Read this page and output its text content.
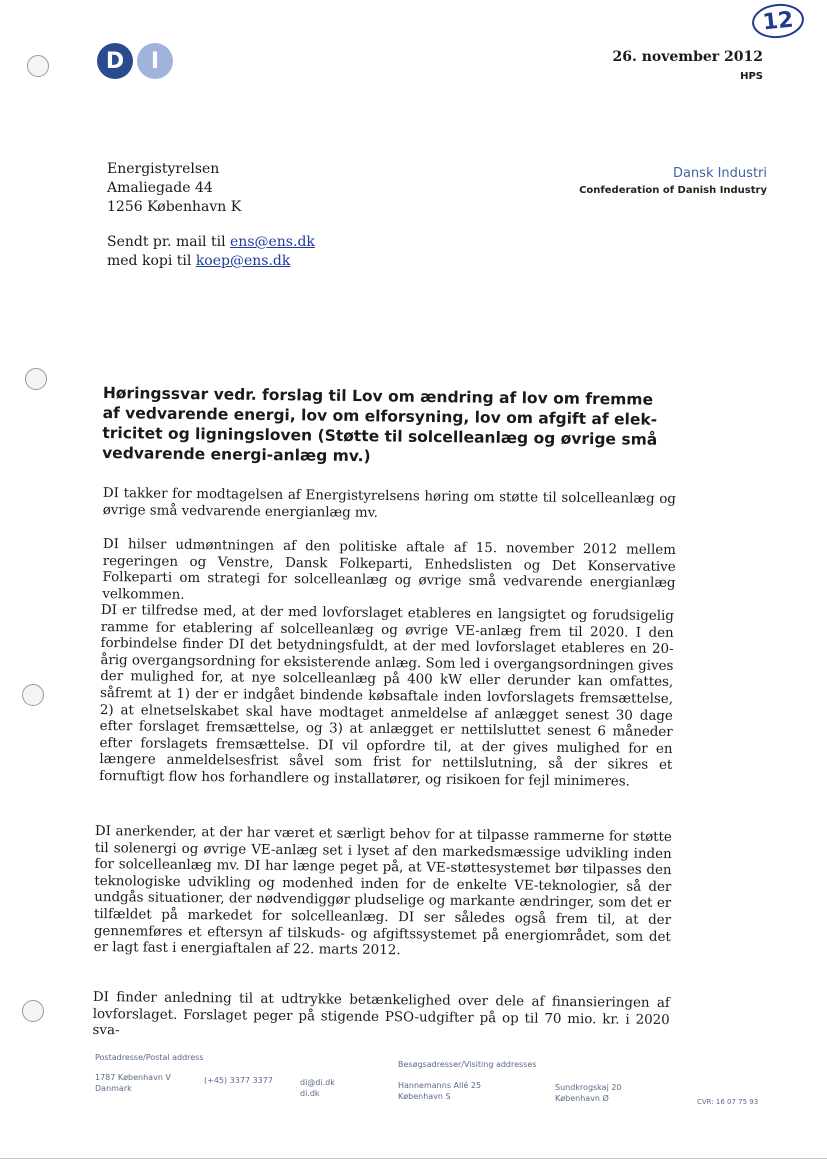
12
D I	26. november 2012
HPS
Energistyrelsen
Amaliegade 44
1256 København K
Dansk Industri
Confederation of Danish Industry
Sendt pr. mail til ens@ens.dk
med kopi til koep@ens.dk
Høringssvar vedr. forslag til Lov om ændring af lov om fremme
af vedvarende energi, lov om elforsyning, lov om afgift af elek-
tricitet og ligningsloven (Støtte til solcelleanlæg og øvrige små
vedvarende energi-anlæg mv.)
DI takker for modtagelsen af Energistyrelsens høring om støtte til solcelleanlæg og øvrige små vedvarende energianlæg mv.
DI hilser udmøntningen af den politiske aftale af 15. november 2012 mellem regeringen og Venstre, Dansk Folkeparti, Enhedslisten og Det Konservative Folkeparti om strategi for solcelleanlæg og øvrige små vedvarende energianlæg velkommen.
DI er tilfredse med, at der med lovforslaget etableres en langsigtet og forudsigelig ramme for etablering af solcelleanlæg og øvrige VE-anlæg frem til 2020. I den forbindelse finder DI det betydningsfuldt, at der med lovforslaget etableres en 20-årig overgangsordning for eksisterende anlæg. Som led i overgangsordningen gives der mulighed for, at nye solcelleanlæg på 400 kW eller derunder kan omfattes, såfremt at 1) der er indgået bindende købsaftale inden lovforslagets fremsættelse, 2) at elnetselskabet skal have modtaget anmeldelse af anlægget senest 30 dage efter forslaget fremsættelse, og 3) at anlægget er nettilsluttet senest 6 måneder efter forslagets fremsættelse. DI vil opfordre til, at der gives mulighed for en længere anmeldelsesfrist såvel som frist for nettilslutning, så der sikres et fornuftigt flow hos forhandlere og installatører, og risikoen for fejl minimeres.
DI anerkender, at der har været et særligt behov for at tilpasse rammerne for støtte til solenergi og øvrige VE-anlæg set i lyset af den markedsmæssige udvikling inden for solcelleanlæg mv. DI har længe peget på, at VE-støttesystemet bør tilpasses den teknologiske udvikling og modenhed inden for de enkelte VE-teknologier, så der undgås situationer, der nødvendiggør pludselige og markante ændringer, som det er tilfældet på markedet for solcelleanlæg. DI ser således også frem til, at der gennemføres et eftersyn af tilskuds- og afgiftssystemet på energiområdet, som det er lagt fast i energiaftalen af 22. marts 2012.
DI finder anledning til at udtrykke betænkelighed over dele af finansieringen af lovforslaget. Forslaget peger på stigende PSO-udgifter på op til 70 mio. kr. i 2020 sva-
Postadresse/Postal address
1787 København V
Danmark
(+45) 3377 3377	di@di.dk
di.dk
Besøgsadresser/Visiting addresses
Hannemanns Allé 25
København S
Sundkrogskaj 20
København Ø	CVR: 16 07 75 93
